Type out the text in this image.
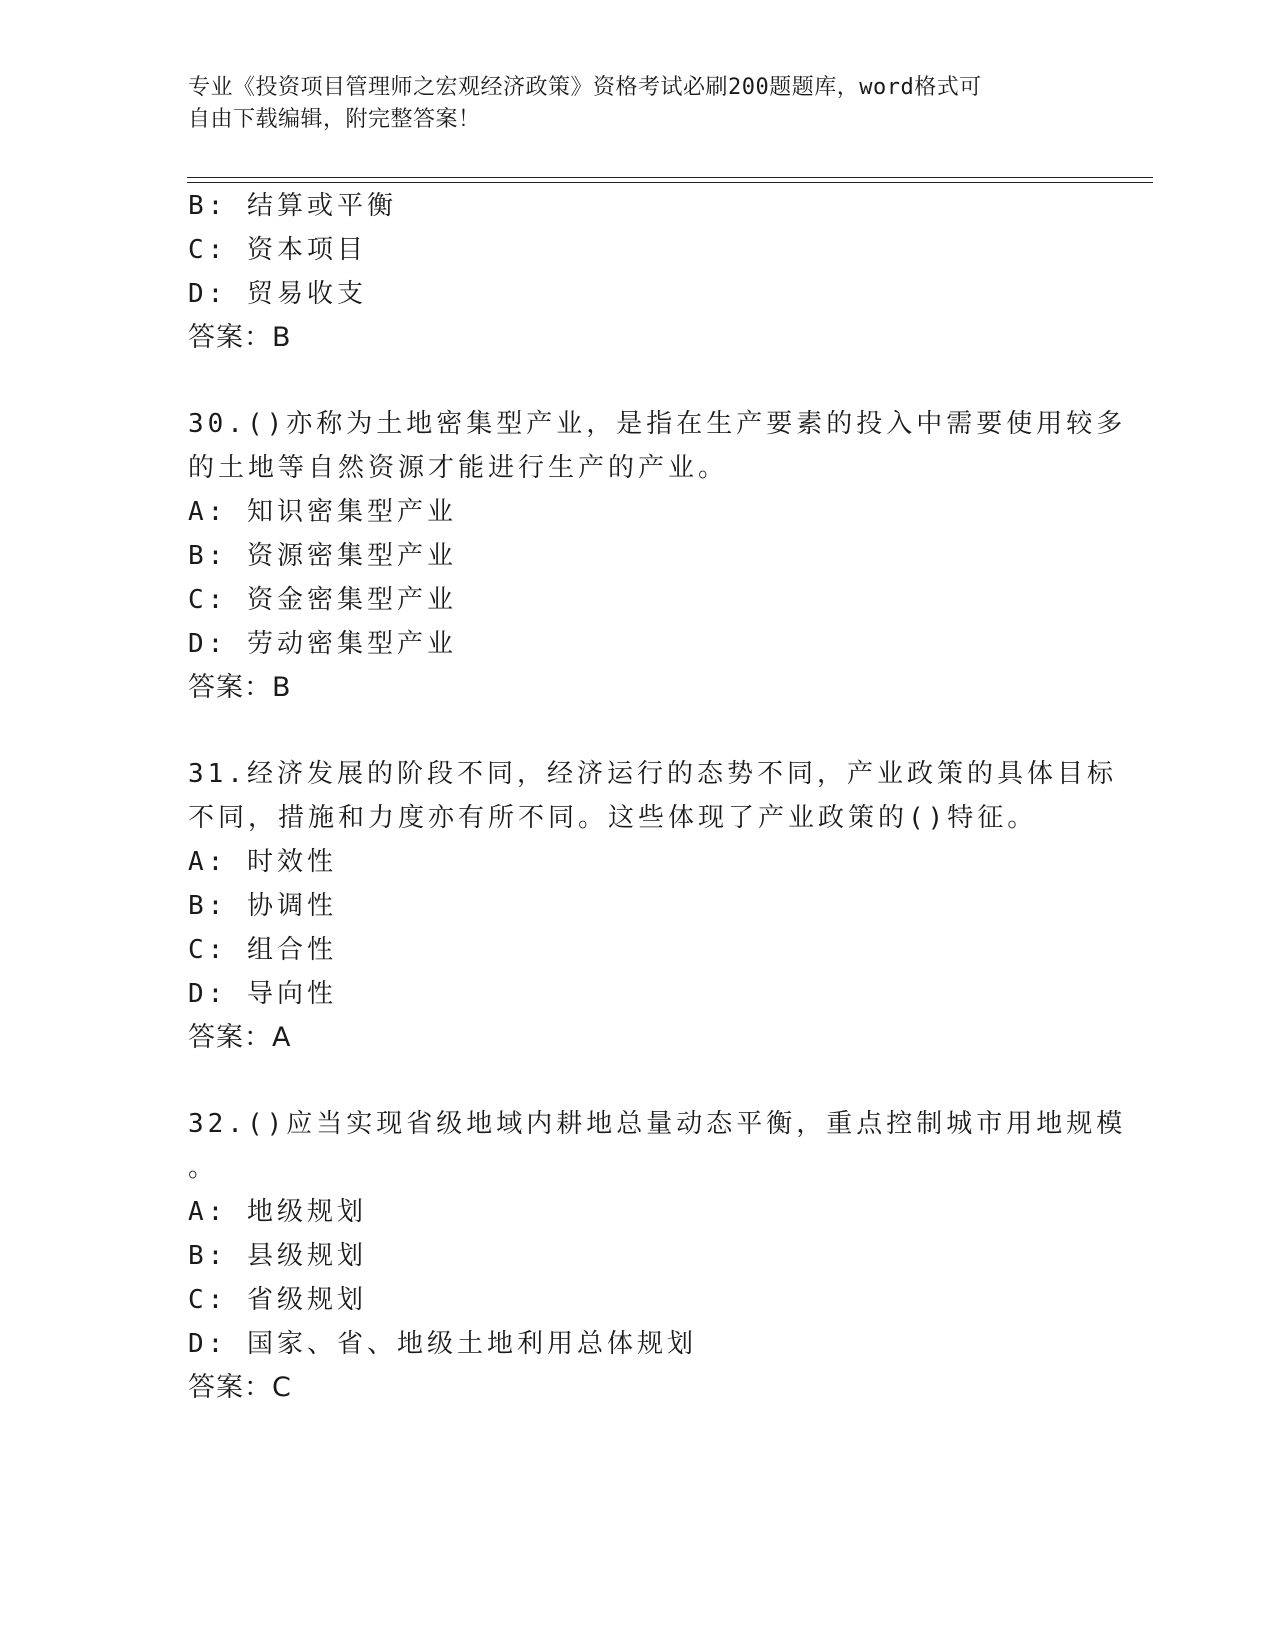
专业《投资项目管理师之宏观经济政策》资格考试必刷200题题库，word格式可
自由下载编辑，附完整答案！
B: 结算或平衡
C: 资本项目
D: 贸易收支
答案：B
30.()亦称为土地密集型产业，是指在生产要素的投入中需要使用较多
的土地等自然资源才能进行生产的产业。
A: 知识密集型产业
B: 资源密集型产业
C: 资金密集型产业
D: 劳动密集型产业
答案：B
31.经济发展的阶段不同，经济运行的态势不同，产业政策的具体目标
不同，措施和力度亦有所不同。这些体现了产业政策的()特征。
A: 时效性
B: 协调性
C: 组合性
D: 导向性
答案：A
32.()应当实现省级地域内耕地总量动态平衡，重点控制城市用地规模
。
A: 地级规划
B: 县级规划
C: 省级规划
D: 国家、省、地级土地利用总体规划
答案：C
